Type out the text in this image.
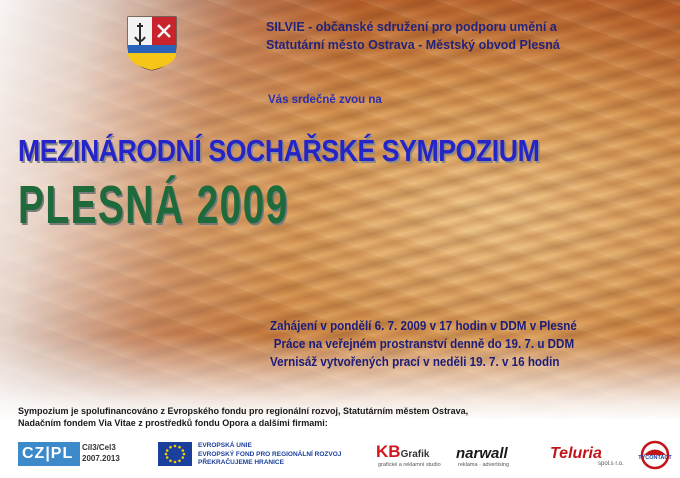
SILVIE - občanské sdružení pro podporu umění a
Statutární město Ostrava - Městský obvod Plesná
Vás srdečně zvou na
MEZINÁRODNÍ SOCHAŘSKÉ SYMPOZIUM
PLESNÁ 2009
Zahájení v pondělí 6. 7. 2009 v 17 hodin v DDM v Plesné
Práce na veřejném prostranství denně do 19. 7. u DDM
Vernisáž vytvořených prací v neděli 19. 7. v 16 hodin
Sympozium je spolufinancováno z Evropského fondu pro regionální rozvoj, Statutárním městem Ostrava,
Nadačním fondem Via Vitae z prostředků fondu Opora a dalšími firmami:
CZ|PL	Cíl3/Cel3
2007.2013
EVROPSKÁ UNIE
EVROPSKÝ FOND PRO REGIONÁLNÍ ROZVOJ
PŘEKRAČUJEME HRANICE
KBGrafik
grafické a reklamní studio
narwall
reklama · advertising
Teluria
spol.s r.o.
TYCONTACT
